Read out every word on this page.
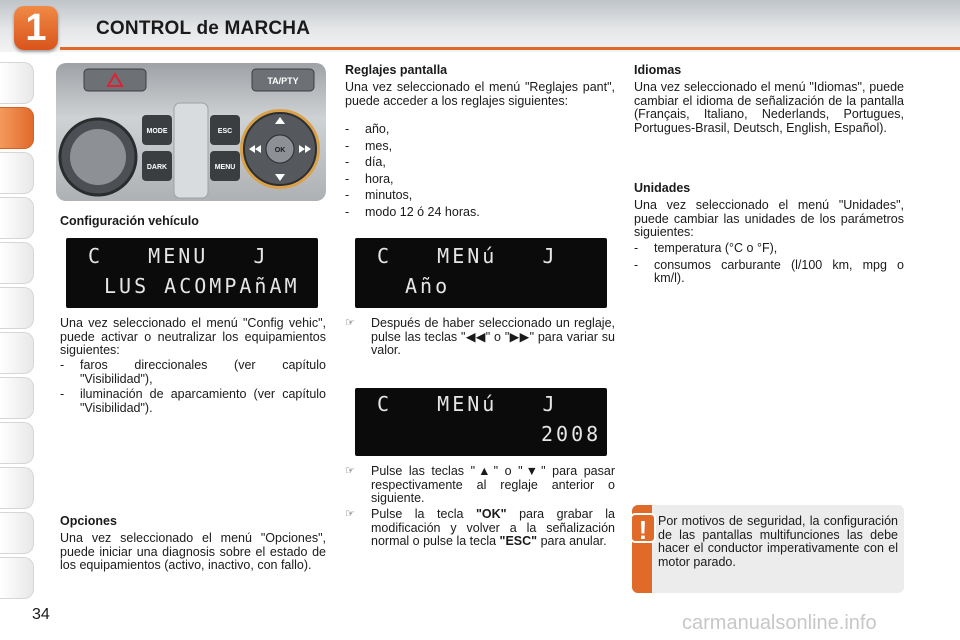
1	CONTROL de MARCHA
TA/PTY
MODE
DARK
ESC
MENU
OK
Configuración vehículo
C   MENU   J
LUS ACOMPAñAM
Una vez seleccionado el menú "Config vehic", puede activar o neutralizar los equipamientos siguientes:
-	faros direccionales (ver capítulo "Visibilidad"),
-	iluminación de aparcamiento (ver capítulo "Visibilidad").
Opciones
Una vez seleccionado el menú "Opciones", puede iniciar una diagnosis sobre el estado de los equipamientos (activo, inactivo, con fallo).
Reglajes pantalla
Una vez seleccionado el menú "Reglajes pant", puede acceder a los reglajes siguientes:
-	año,
-	mes,
-	día,
-	hora,
-	minutos,
-	modo 12 ó 24 horas.
C   MENú   J
Año
☞	Después de haber seleccionado un reglaje, pulse las teclas "◀◀" o "▶▶" para variar su valor.
C   MENú   J
2008
☞	Pulse las teclas "▲" o "▼" para pasar respectivamente al reglaje anterior o siguiente.
☞	Pulse la tecla "OK" para grabar la modificación y volver a la señalización normal o pulse la tecla "ESC" para anular.
Idiomas
Una vez seleccionado el menú "Idiomas", puede cambiar el idioma de señalización de la pantalla (Français, Italiano, Nederlands, Portugues, Portugues-Brasil, Deutsch, English, Español).
Unidades
Una vez seleccionado el menú "Unidades", puede cambiar las unidades de los parámetros siguientes:
-	temperatura (°C o °F),
-	consumos carburante (l/100 km, mpg o km/l).
! Por motivos de seguridad, la configuración de las pantallas multifunciones las debe hacer el conductor imperativamente con el motor parado.
34	carmanualsonline.info
